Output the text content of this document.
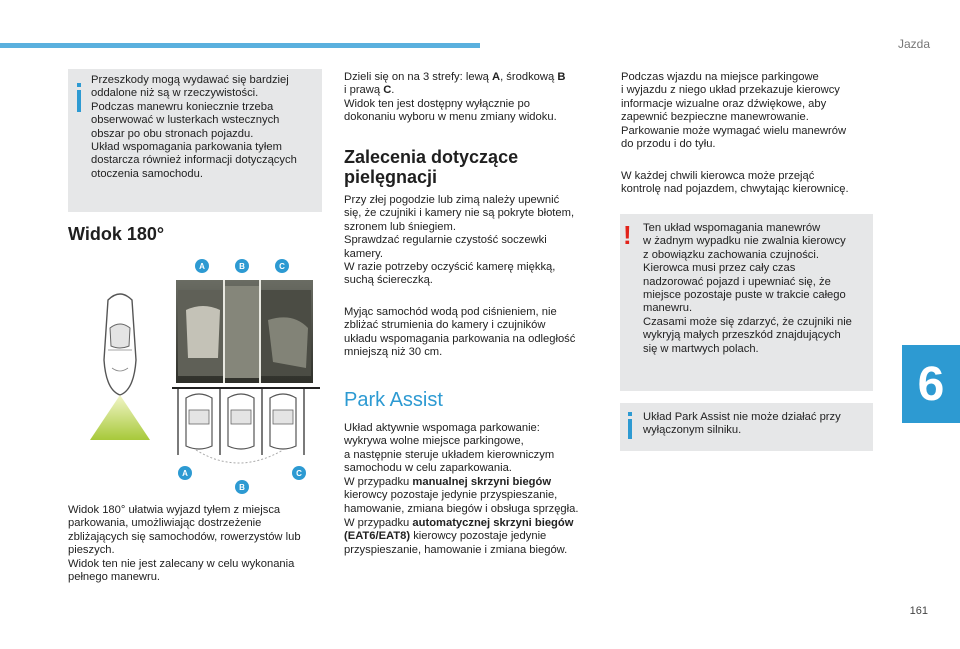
Jazda
6
161
Przeszkody mogą wydawać się bardziej
oddalone niż są w rzeczywistości.
Podczas manewru koniecznie trzeba
obserwować w lusterkach wstecznych
obszar po obu stronach pojazdu.
Układ wspomagania parkowania tyłem
dostarcza również informacji dotyczących
otoczenia samochodu.
Widok 180°
A	B	C
A
B
C
Widok 180° ułatwia wyjazd tyłem z miejsca
parkowania, umożliwiając dostrzeżenie
zbliżających się samochodów, rowerzystów lub
pieszych.
Widok ten nie jest zalecany w celu wykonania
pełnego manewru.
Dzieli się on na 3 strefy: lewą A, środkową B
i prawą C.
Widok ten jest dostępny wyłącznie po
dokonaniu wyboru w menu zmiany widoku.
Zalecenia dotyczące
pielęgnacji
Przy złej pogodzie lub zimą należy upewnić
się, że czujniki i kamery nie są pokryte błotem,
szronem lub śniegiem.
Sprawdzać regularnie czystość soczewki
kamery.
W razie potrzeby oczyścić kamerę miękką,
suchą ściereczką.
Myjąc samochód wodą pod ciśnieniem, nie
zbliżać strumienia do kamery i czujników
układu wspomagania parkowania na odległość
mniejszą niż 30 cm.
Park Assist
Układ aktywnie wspomaga parkowanie:
wykrywa wolne miejsce parkingowe,
a następnie steruje układem kierowniczym
samochodu w celu zaparkowania.
W przypadku manualnej skrzyni biegów
kierowcy pozostaje jedynie przyspieszanie,
hamowanie, zmiana biegów i obsługa sprzęgła.
W przypadku automatycznej skrzyni biegów
(EAT6/EAT8) kierowcy pozostaje jedynie
przyspieszanie, hamowanie i zmiana biegów.
Podczas wjazdu na miejsce parkingowe
i wyjazdu z niego układ przekazuje kierowcy
informacje wizualne oraz dźwiękowe, aby
zapewnić bezpieczne manewrowanie.
Parkowanie może wymagać wielu manewrów
do przodu i do tyłu.
W każdej chwili kierowca może przejąć
kontrolę nad pojazdem, chwytając kierownicę.
! Ten układ wspomagania manewrów
w żadnym wypadku nie zwalnia kierowcy
z obowiązku zachowania czujności.
Kierowca musi przez cały czas
nadzorować pojazd i upewniać się, że
miejsce pozostaje puste w trakcie całego
manewru.
Czasami może się zdarzyć, że czujniki nie
wykryją małych przeszkód znajdujących
się w martwych polach.
Układ Park Assist nie może działać przy
wyłączonym silniku.
